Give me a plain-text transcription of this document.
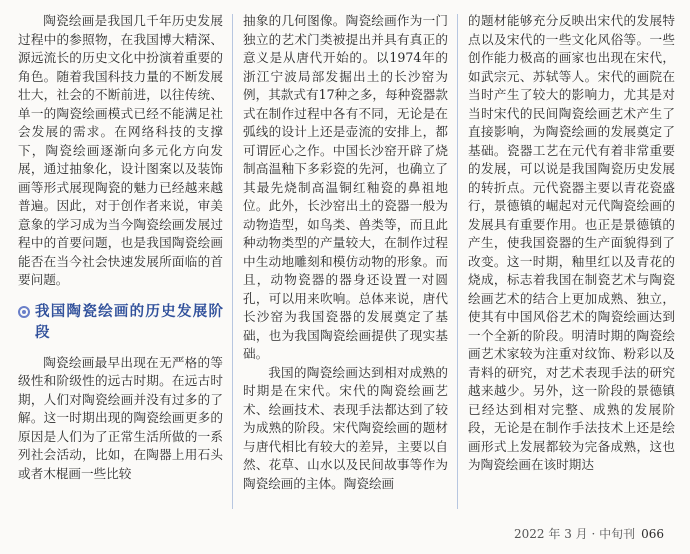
陶瓷绘画是我国几千年历史发展过程中的参照物，在我国博大精深、源远流长的历史文化中扮演着重要的角色。随着我国科技力量的不断发展壮大，社会的不断前进，以往传统、单一的陶瓷绘画模式已经不能满足社会发展的需求。在网络科技的支撑下，陶瓷绘画逐渐向多元化方向发展，通过抽象化，设计图案以及装饰画等形式展现陶瓷的魅力已经越来越普遍。因此，对于创作者来说，审美意象的学习成为当今陶瓷绘画发展过程中的首要问题，也是我国陶瓷绘画能否在当今社会快速发展所面临的首要问题。

我国陶瓷绘画的历史发展阶段

陶瓷绘画最早出现在无严格的等级性和阶级性的远古时期。在远古时期，人们对陶瓷绘画并没有过多的了解。这一时期出现的陶瓷绘画更多的原因是人们为了正常生活所做的一系列社会活动，比如，在陶器上用石头或者木棍画一些比较

抽象的几何图像。陶瓷绘画作为一门独立的艺术门类被提出并具有真正的意义是从唐代开始的。以1974年的浙江宁波局部发掘出土的长沙窑为例，其款式有17种之多，每种瓷器款式在制作过程中各有不同，无论是在弧线的设计上还是壶流的安排上，都可谓匠心之作。中国长沙窑开辟了烧制高温釉下多彩瓷的先河，也确立了其最先烧制高温铜红釉瓷的鼻祖地位。此外，长沙窑出土的瓷器一般为动物造型，如鸟类、兽类等，而且此种动物类型的产量较大，在制作过程中生动地雕刻和模仿动物的形象。而且，动物瓷器的器身还设置一对圆孔，可以用来吹响。总体来说，唐代长沙窑为我国瓷器的发展奠定了基础，也为我国陶瓷绘画提供了现实基础。

我国的陶瓷绘画达到相对成熟的时期是在宋代。宋代的陶瓷绘画艺术、绘画技术、表现手法都达到了较为成熟的阶段。宋代陶瓷绘画的题材与唐代相比有较大的差异，主要以自然、花草、山水以及民间故事等作为陶瓷绘画的主体。陶瓷绘画

的题材能够充分反映出宋代的发展特点以及宋代的一些文化风俗等。一些创作能力极高的画家也出现在宋代，如武宗元、苏轼等人。宋代的画院在当时产生了较大的影响力，尤其是对当时宋代的民间陶瓷绘画艺术产生了直接影响，为陶瓷绘画的发展奠定了基础。瓷器工艺在元代有着非常重要的发展，可以说是我国陶瓷历史发展的转折点。元代瓷器主要以青花瓷盛行，景德镇的崛起对元代陶瓷绘画的发展具有重要作用。也正是景德镇的产生，使我国瓷器的生产面貌得到了改变。这一时期，釉里红以及青花的烧成，标志着我国在制瓷艺术与陶瓷绘画艺术的结合上更加成熟、独立，使其有中国风俗艺术的陶瓷绘画达到一个全新的阶段。明清时期的陶瓷绘画艺术家较为注重对纹饰、粉彩以及青料的研究，对艺术表现手法的研究越来越少。另外，这一阶段的景德镇已经达到相对完整、成熟的发展阶段，无论是在制作手法技术上还是绘画形式上发展都较为完备成熟，这也为陶瓷绘画在该时期达

2022 年 3 月 · 中旬刊 066
